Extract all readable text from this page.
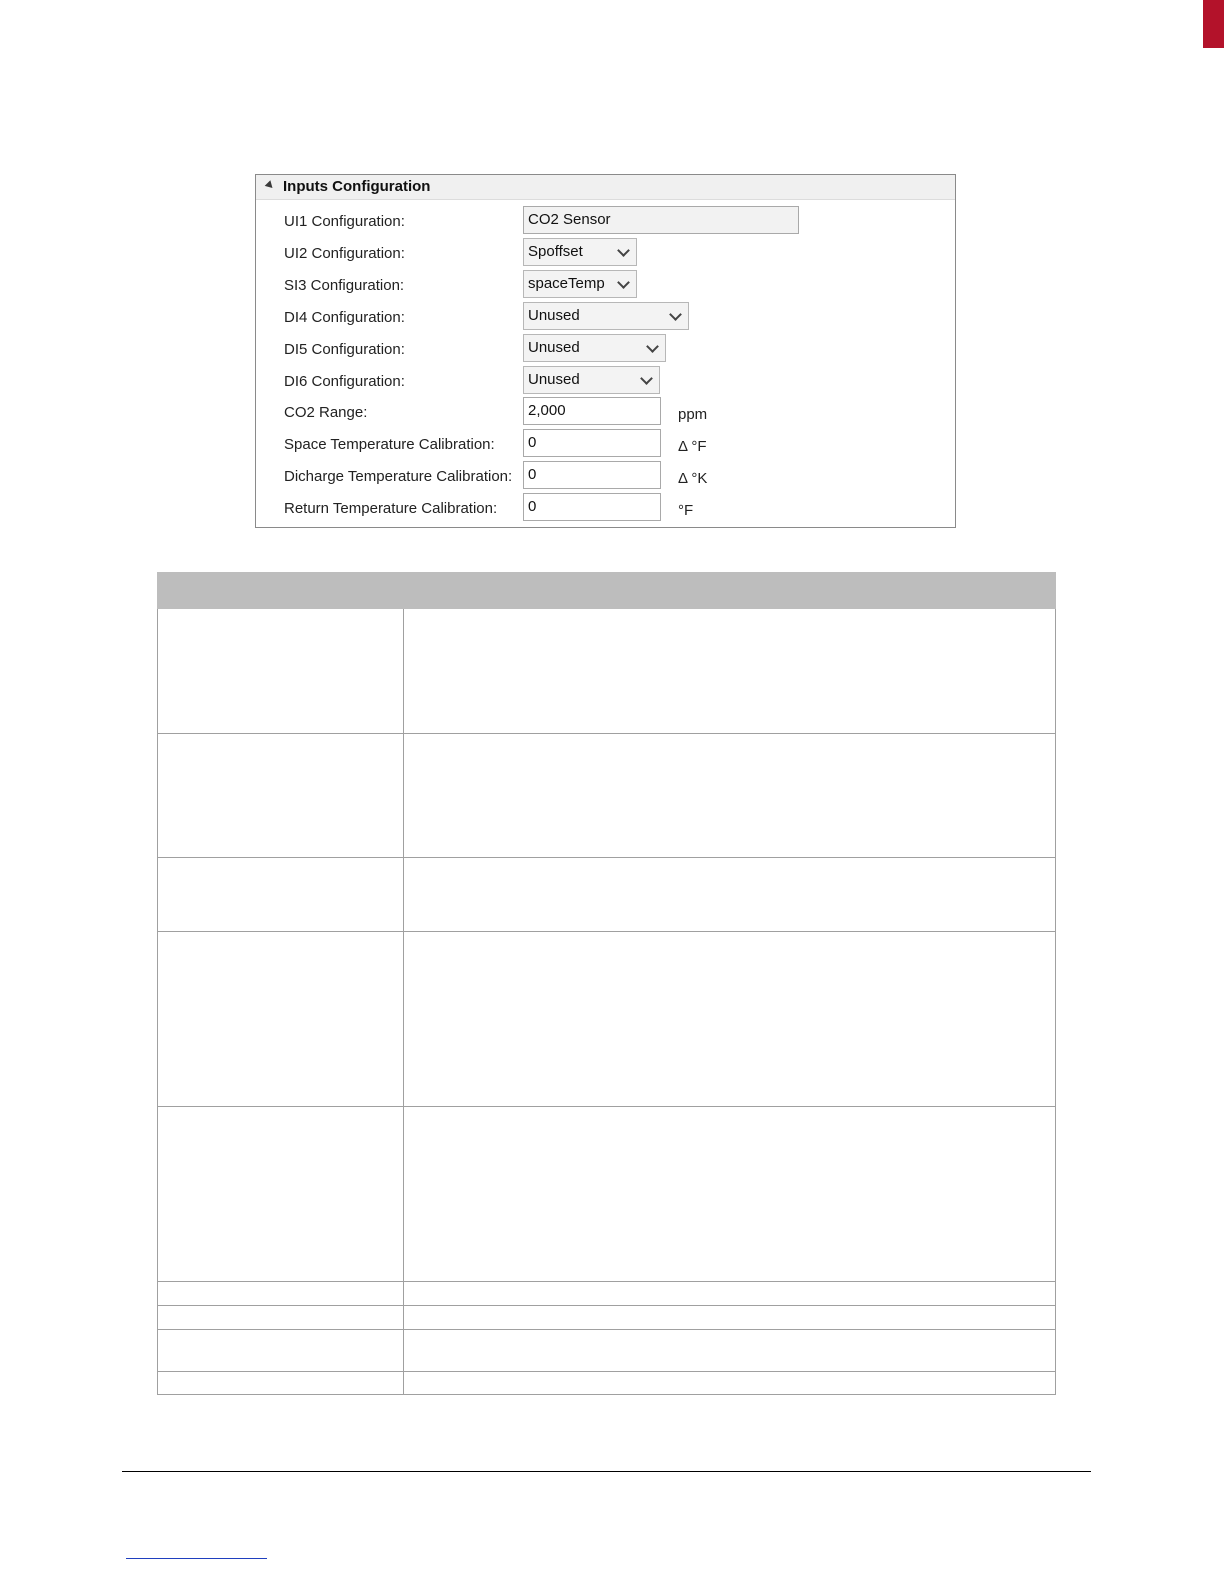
Inputs Configuration
UI1 Configuration:	CO2 Sensor
UI2 Configuration:	Spoffset
SI3 Configuration:	spaceTemp
DI4 Configuration:	Unused
DI5 Configuration:	Unused
DI6 Configuration:	Unused
CO2 Range:	2,000	ppm
Space Temperature Calibration: 0	Δ °F
Dicharge Temperature Calibration: 0	Δ °K
Return Temperature Calibration: 0	°F
